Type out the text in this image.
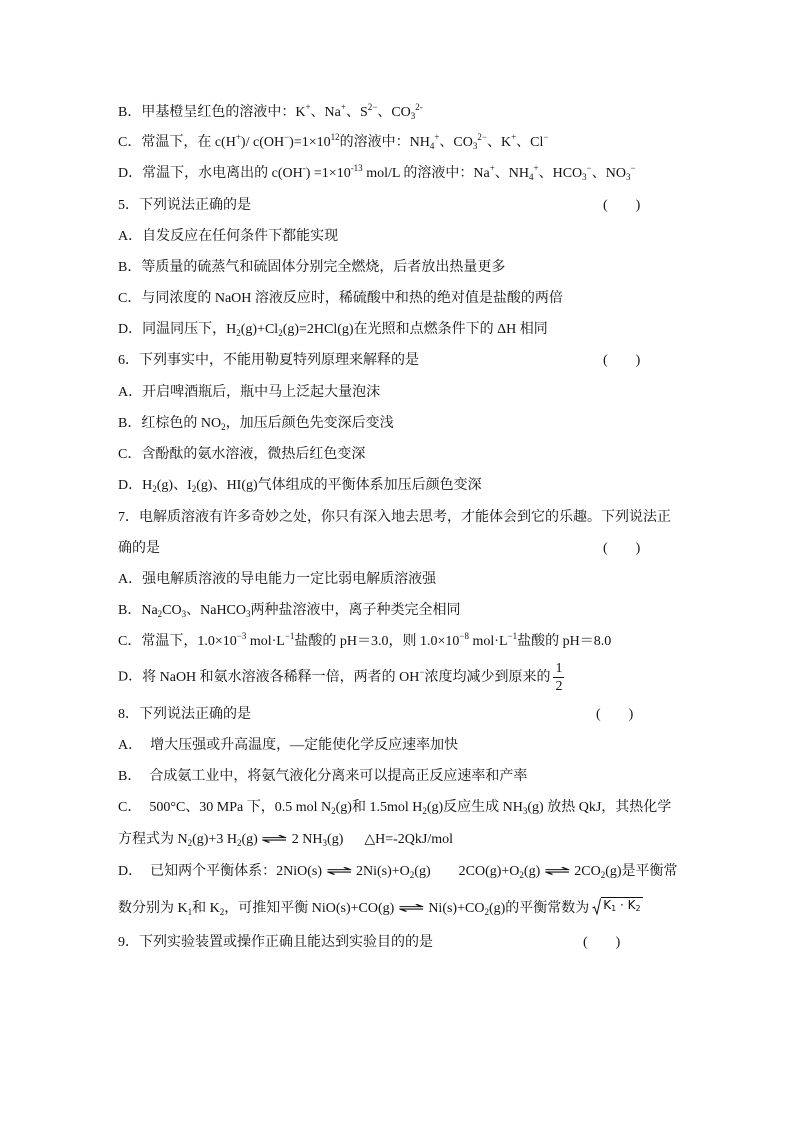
B．甲基橙呈红色的溶液中：K+、Na+、$S^{2-}$、$CO_3^{2-}$
C．常温下，在 c(H+)/ $c(OH^-)=1\times 10^{12}$的溶液中：$NH_4^+$、$CO_3^{2-}$、K+、Cl−
D．常温下，水电离出的 $c(OH^-) =1\times 10^{-13}$ mol/L 的溶液中：Na+、$NH_4^+$、$HCO_3^-$、$NO_3^-$
5．下列说法正确的是	(　　)
A．自发反应在任何条件下都能实现
B．等质量的硫蒸气和硫固体分别完全燃烧，后者放出热量更多
C．与同浓度的 NaOH 溶液反应时，稀硫酸中和热的绝对值是盐酸的两倍
D．同温同压下，$H_2(g)+Cl_2(g)=2HCl(g)$在光照和点燃条件下的 ΔH 相同
6．下列事实中，不能用勒夏特列原理来解释的是	(　　)
A．开启啤酒瓶后，瓶中马上泛起大量泡沫
B．红棕色的 $NO_2$，加压后颜色先变深后变浅
C．含酚酞的氨水溶液，微热后红色变深
D．$H_2(g)$、$I_2(g)$、HI(g)气体组成的平衡体系加压后颜色变深
7．电解质溶液有许多奇妙之处，你只有深入地去思考，才能体会到它的乐趣。下列说法正
确的是	(　　)
A．强电解质溶液的导电能力一定比弱电解质溶液强
B．$Na_2CO_3$、NaHCO$_3$两种盐溶液中，离子种类完全相同
C．常温下，$1.0\times 10^{-3}$ $mol\cdot L^{-1}$盐酸的 pH＝3.0，则 $1.0\times 10^{-8}$ $mol\cdot L^{-1}$盐酸的 pH＝8.0
D．将 NaOH 和氨水溶液各稀释一倍，两者的 OH−浓度均减少到原来的 $\frac{1}{2}$
8．下列说法正确的是	(　　)
A． 增大压强或升高温度，—定能使化学反应速率加快
B． 合成氨工业中，将氨气液化分离来可以提高正反应速率和产率
C． 500°C、30 MPa 下，0.5 mol $N_2(g)$和 1.5mol $H_2(g)$反应生成 $NH_3(g)$ 放热 QkJ，其热化学
方程式为 $N_2(g)+3$ $H_2(g)$ ⇌ 2 $NH_3(g)$　  △H=-2QkJ/mol
D． 已知两个平衡体系：2NiO(s) ⇌ $2Ni(s)+O_2(g)$　　$2CO(g)+O_2(g)$ ⇌ $2CO_2(g)$是平衡常
数分别为 $K_1$和 $K_2$，可推知平衡 NiO(s)+CO(g) ⇌ $Ni(s)+CO_2(g)$的平衡常数为 $K_1 \cdot K_2$
9．下列实验装置或操作正确且能达到实验目的的是	(　　)
